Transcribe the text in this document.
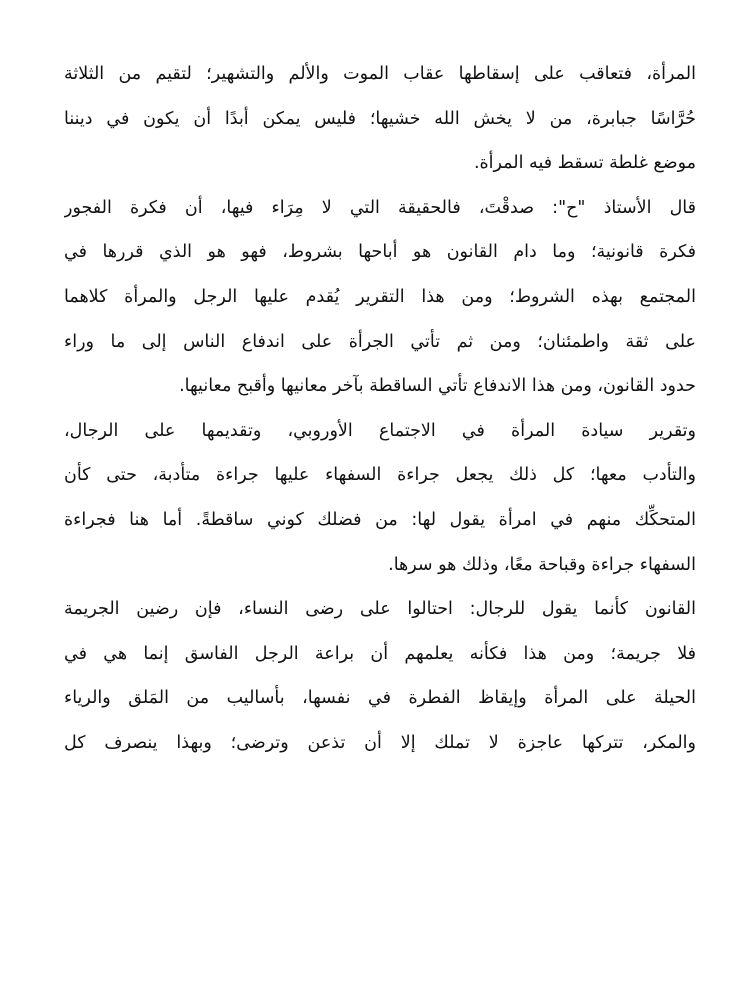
المرأة، فتعاقب على إسقاطها عقاب الموت والألم والتشهير؛ لتقيم من الثلاثة
حُرَّاسًا جبابرة، من لا يخش الله خشيها؛ فليس يمكن أبدًا أن يكون في ديننا
موضع غلطة تسقط فيه المرأة.
قال الأستاذ "ح": صدقْتَ، فالحقيقة التي لا مِرَاء فيها، أن فكرة الفجور
فكرة قانونية؛ وما دام القانون هو أباحها بشروط، فهو هو الذي قررها في
المجتمع بهذه الشروط؛ ومن هذا التقرير يُقدم عليها الرجل والمرأة كلاهما
على ثقة واطمئنان؛ ومن ثم تأتي الجرأة على اندفاع الناس إلى ما وراء
حدود القانون، ومن هذا الاندفاع تأتي الساقطة بآخر معانيها وأقبح معانيها.
وتقرير سيادة المرأة في الاجتماع الأوروبي، وتقديمها على الرجال،
والتأدب معها؛ كل ذلك يجعل جراءة السفهاء عليها جراءة متأدبة، حتى كأن
المتحكِّك منهم في امرأة يقول لها: من فضلك كوني ساقطةً. أما هنا فجراءة
السفهاء جراءة وقباحة معًا، وذلك هو سرها.
القانون كأنما يقول للرجال: احتالوا على رضى النساء، فإن رضين الجريمة
فلا جريمة؛ ومن هذا فكأنه يعلمهم أن براعة الرجل الفاسق إنما هي في
الحيلة على المرأة وإيقاظ الفطرة في نفسها، بأساليب من المَلق والرياء
والمكر، تتركها عاجزة لا تملك إلا أن تذعن وترضى؛ وبهذا ينصرف كل
